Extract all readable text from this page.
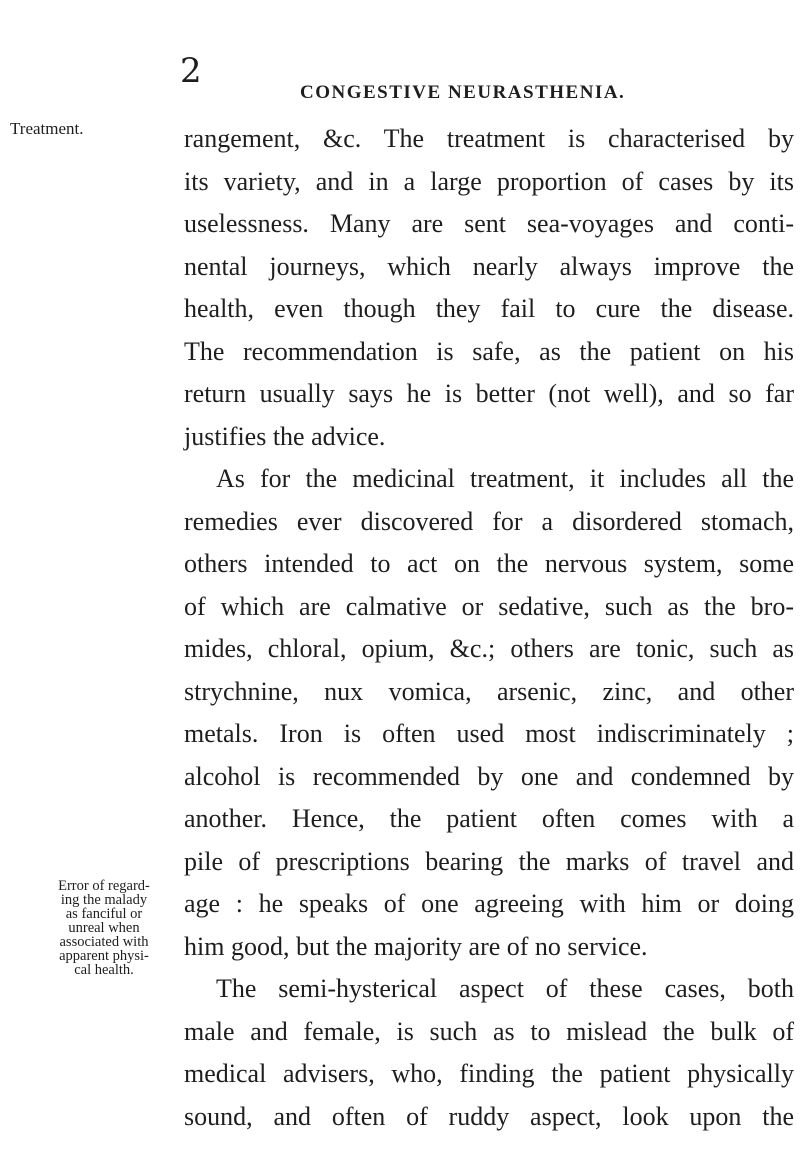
2
CONGESTIVE NEURASTHENIA.
Treatment.
Error of regard-
ing the malady
as fanciful or
unreal when
associated with
apparent physi-
cal health.
rangement, &c. The treatment is characterised by
its variety, and in a large proportion of cases by its
uselessness. Many are sent sea-voyages and conti-
nental journeys, which nearly always improve the
health, even though they fail to cure the disease.
The recommendation is safe, as the patient on his
return usually says he is better (not well), and so far
justifies the advice.
As for the medicinal treatment, it includes all the
remedies ever discovered for a disordered stomach,
others intended to act on the nervous system, some
of which are calmative or sedative, such as the bro-
mides, chloral, opium, &c.; others are tonic, such as
strychnine, nux vomica, arsenic, zinc, and other
metals. Iron is often used most indiscriminately ;
alcohol is recommended by one and condemned by
another. Hence, the patient often comes with a
pile of prescriptions bearing the marks of travel and
age : he speaks of one agreeing with him or doing
him good, but the majority are of no service.
The semi-hysterical aspect of these cases, both
male and female, is such as to mislead the bulk of
medical advisers, who, finding the patient physically
sound, and often of ruddy aspect, look upon the
